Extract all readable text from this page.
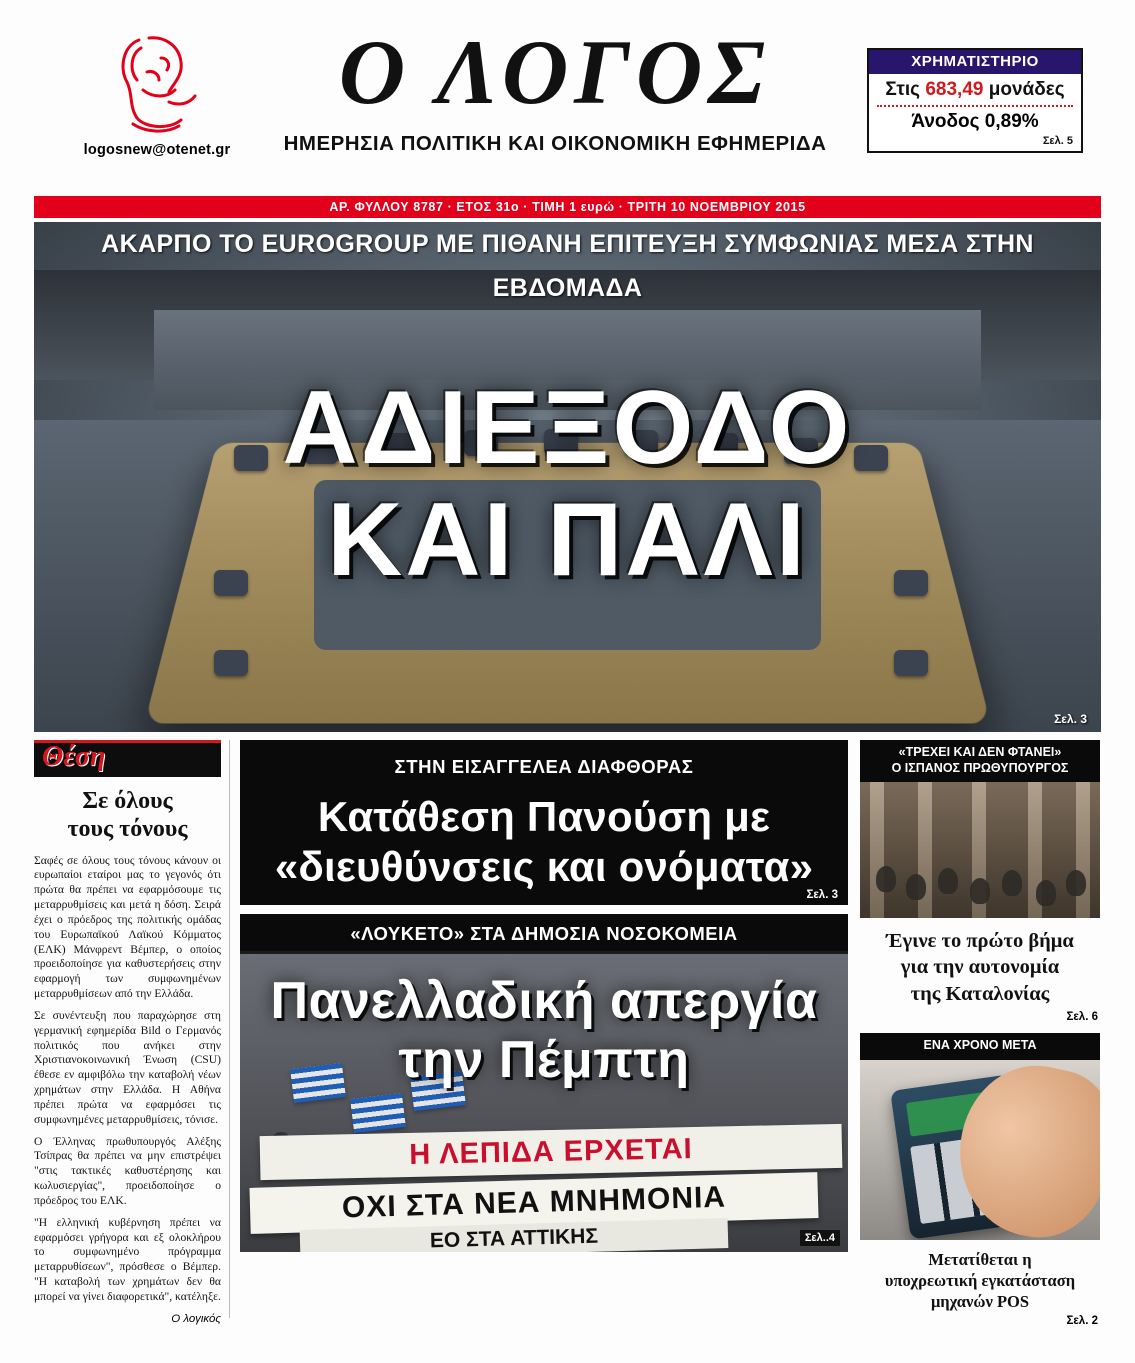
logosnew@otenet.gr
Ο ΛΟΓΟΣ
ΗΜΕΡΗΣΙΑ ΠΟΛΙΤΙΚΗ ΚΑΙ ΟΙΚΟΝΟΜΙΚΗ ΕΦΗΜΕΡΙΔΑ
ΧΡΗΜΑΤΙΣΤΗΡΙΟ
Στις 683,49 μονάδες
Άνοδος 0,89%
Σελ. 5
ΑΡ. ΦΥΛΛΟΥ 8787 · ΕΤΟΣ 31ο · ΤΙΜΗ 1 ευρώ · ΤΡΙΤΗ 10 ΝΟΕΜΒΡΙΟΥ 2015
ΑΚΑΡΠΟ ΤΟ EUROGROUP ΜΕ ΠΙΘΑΝΗ ΕΠΙΤΕΥΞΗ ΣΥΜΦΩΝΙΑΣ ΜΕΣΑ ΣΤΗΝ ΕΒΔΟΜΑΔΑ
ΑΔΙΕΞΟΔΟ
ΚΑΙ ΠΑΛΙ
Σελ. 3
Θέση
Σε όλους
τους τόνους

Σαφές σε όλους τους τόνους κάνουν οι ευρωπαίοι εταίροι μας το γεγονός ότι πρώτα θα πρέπει να εφαρμόσουμε τις μεταρρυθμίσεις και μετά η δόση. Σειρά έχει ο πρόεδρος της πολιτικής ομάδας του Ευρωπαϊκού Λαϊκού Κόμματος (ΕΛΚ) Μάνφρεντ Βέμπερ, ο οποίος προειδοποίησε για καθυστερήσεις στην εφαρμογή των συμφωνημένων μεταρρυθμίσεων από την Ελλάδα.

Σε συνέντευξη που παραχώρησε στη γερμανική εφημερίδα Bild ο Γερμανός πολιτικός που ανήκει στην Χριστιανοκοινωνική Ένωση (CSU) έθεσε εν αμφιβόλω την καταβολή νέων χρημάτων στην Ελλάδα. Η Αθήνα πρέπει πρώτα να εφαρμόσει τις συμφωνημένες μεταρρυθμίσεις, τόνισε.

Ο Έλληνας πρωθυπουργός Αλέξης Τσίπρας θα πρέπει να μην επιστρέψει "στις τακτικές καθυστέρησης και κωλυσιεργίας", προειδοποίησε ο πρόεδρος του ΕΛΚ.

"Η ελληνική κυβέρνηση πρέπει να εφαρμόσει γρήγορα και εξ ολοκλήρου το συμφωνημένο πρόγραμμα μεταρρυθίσεων", πρόσθεσε ο Βέμπερ. "Η καταβολή των χρημάτων δεν θα μπορεί να γίνει διαφορετικά", κατέληξε.

Ο λογικός
ΣΤΗΝ ΕΙΣΑΓΓΕΛΕΑ ΔΙΑΦΘΟΡΑΣ
Κατάθεση Πανούση με
«διευθύνσεις και ονόματα»
Σελ. 3
«ΛΟΥΚΕΤΟ» ΣΤΑ ΔΗΜΟΣΙΑ ΝΟΣΟΚΟΜΕΙΑ
Η ΛΕΠΙΔΑ ΕΡΧΕΤΑΙ
ΟΧΙ ΣΤΑ ΝΕΑ ΜΝΗΜΟΝΙΑ
ΕΟ ΣΤΑ ΑΤΤΙΚΗΣ
Πανελλαδική απεργία
την Πέμπτη
Σελ..4
«ΤΡΕΧΕΙ ΚΑΙ ΔΕΝ ΦΤΑΝΕΙ»
Ο ΙΣΠΑΝΟΣ ΠΡΩΘΥΠΟΥΡΓΟΣ
Έγινε το πρώτο βήμα
για την αυτονομία
της Καταλονίας
Σελ. 6
ΕΝΑ ΧΡΟΝΟ ΜΕΤΑ
Μετατίθεται η
υποχρεωτική εγκατάσταση
μηχανών POS
Σελ. 2
